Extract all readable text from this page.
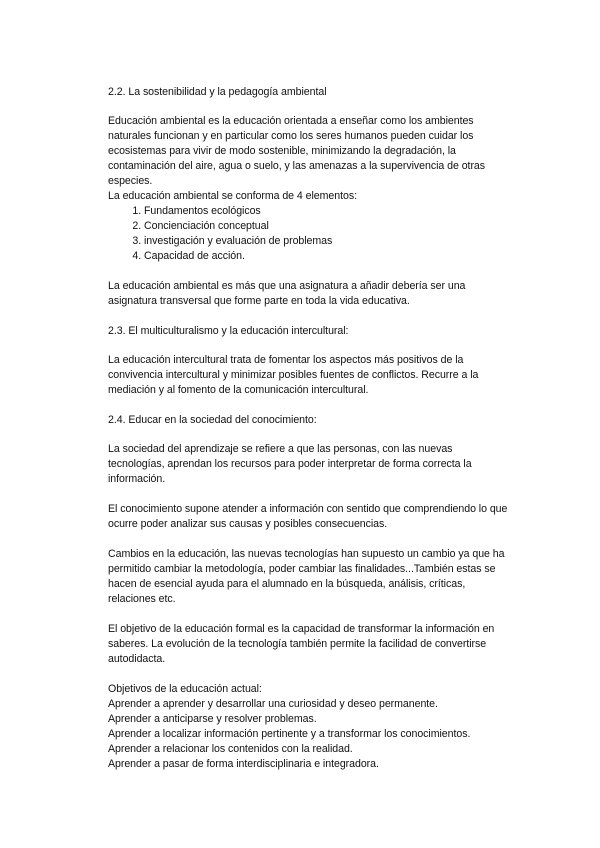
2.2. La sostenibilidad y la pedagogía ambiental

Educación ambiental es la educación orientada a enseñar como los ambientes naturales funcionan y en particular como los seres humanos pueden cuidar los ecosistemas para vivir de modo sostenible, minimizando la degradación, la contaminación del aire, agua o suelo, y las amenazas a la supervivencia de otras especies.

La educación ambiental se conforma de 4 elementos:

1. Fundamentos ecológicos
2. Concienciación conceptual
3. investigación y evaluación de problemas
4. Capacidad de acción.

La educación ambiental es más que una asignatura a añadir debería ser una asignatura transversal que forme parte en toda la vida educativa.

2.3. El multiculturalismo y la educación intercultural:

La educación intercultural trata de fomentar los aspectos más positivos de la convivencia intercultural y minimizar posibles fuentes de conflictos. Recurre a la mediación y al fomento de la comunicación intercultural.

2.4. Educar en la sociedad del conocimiento:

La sociedad del aprendizaje se refiere a que las personas, con las nuevas tecnologías, aprendan los recursos para poder interpretar de forma correcta la información.

El conocimiento supone atender a información con sentido que comprendiendo lo que ocurre poder analizar sus causas y posibles consecuencias.

Cambios en la educación, las nuevas tecnologías han supuesto un cambio ya que ha permitido cambiar la metodología, poder cambiar las finalidades...También estas se hacen de esencial ayuda para el alumnado en la búsqueda, análisis, críticas, relaciones etc.

El objetivo de la educación formal es la capacidad de transformar la información en saberes. La evolución de la tecnología también permite la facilidad de convertirse autodidacta.

Objetivos de la educación actual:
Aprender a aprender y desarrollar una curiosidad y deseo permanente.
Aprender a anticiparse y resolver problemas.
Aprender a localizar información pertinente y a transformar los conocimientos.
Aprender a relacionar los contenidos con la realidad.
Aprender a pasar de forma interdisciplinaria e integradora.
